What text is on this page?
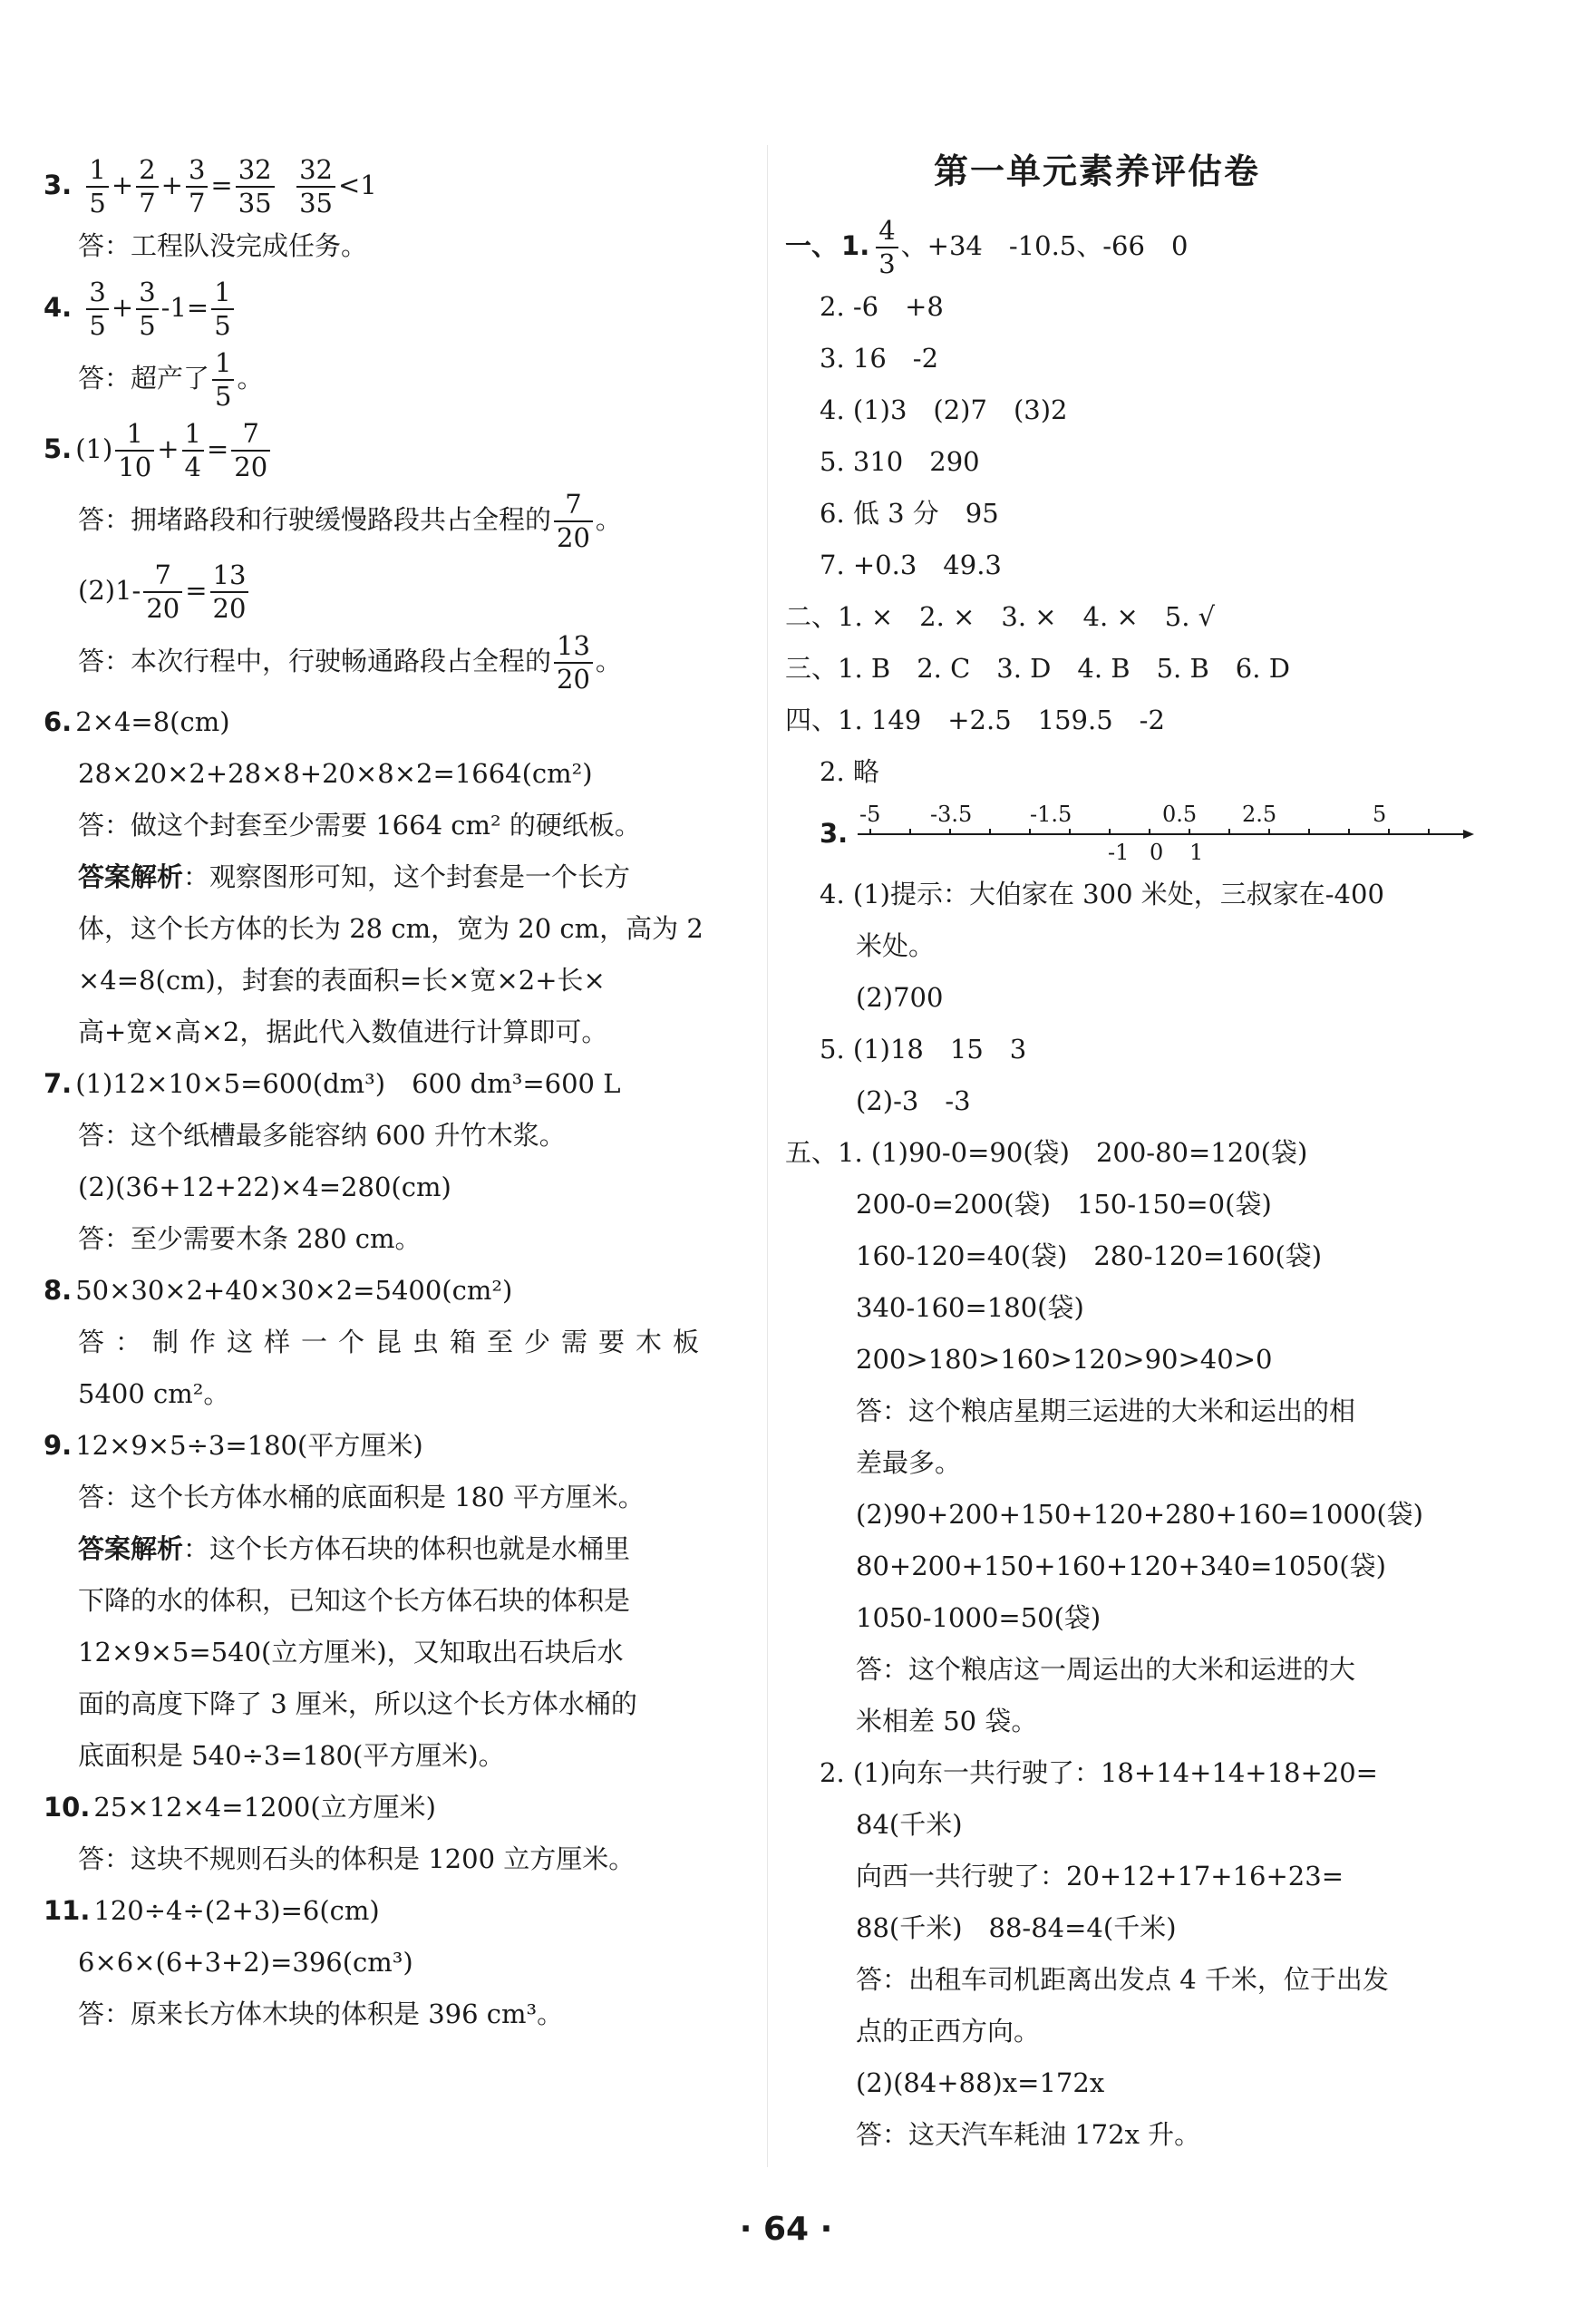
3. $\frac{1}{5} + \frac{2}{7} + \frac{3}{7} = \frac{32}{35}$
$\frac{32}{35} <1$
答：工程队没完成任务。
4. $\frac{3}{5} + \frac{3}{5} -1= \frac{1}{5}$
答：超产了 $\frac{1}{5}$ 。
5. $(1) \frac{1}{10} + \frac{1}{4} = \frac{7}{20}$
答：拥堵路段和行驶缓慢路段共占全程的 $\frac{7}{20}$ 。
$(2)1- \frac{7}{20} = \frac{13}{20}$
答：本次行程中，行驶畅通路段占全程的 $\frac{13}{20}$ 。
6. 2×4=8(cm)
28×20×2+28×8+20×8×2=1664(cm²)
答：做这个封套至少需要 1664 cm² 的硬纸板。
答案解析：观察图形可知，这个封套是一个长方
体，这个长方体的长为 28 cm，宽为 20 cm，高为 2
×4=8(cm)，封套的表面积=长×宽×2+长×
高+宽×高×2，据此代入数值进行计算即可。
7. (1)12×10×5=600(dm³)　600 dm³=600 L
答：这个纸槽最多能容纳 600 升竹木浆。
(2)(36+12+22)×4=280(cm)
答：至少需要木条 280 cm。
8. 50×30×2+40×30×2=5400(cm²)
答：制作这样一个昆虫箱至少需要木板
5400 cm²。
9. 12×9×5÷3=180(平方厘米)
答：这个长方体水桶的底面积是 180 平方厘米。
答案解析：这个长方体石块的体积也就是水桶里
下降的水的体积，已知这个长方体石块的体积是
12×9×5=540(立方厘米)，又知取出石块后水
面的高度下降了 3 厘米，所以这个长方体水桶的
底面积是 540÷3=180(平方厘米)。
10. 25×12×4=1200(立方厘米)
答：这块不规则石头的体积是 1200 立方厘米。
11. 120÷4÷(2+3)=6(cm)
6×6×(6+3+2)=396(cm³)
答：原来长方体木块的体积是 396 cm³。
第一单元素养评估卷
一、 1. $\frac{4}{3}$ 、+34　-10.5、-66　0
2. -6　+8
3. 16　-2
4. (1)3　(2)7　(3)2
5. 310　290
6. 低 3 分　95
7. +0.3　49.3
二、1. ×　2. ×　3. ×　4. ×　5. √
三、1. B　2. C　3. D　4. B　5. B　6. D
四、1. 149　+2.5　159.5　-2
2. 略
3.
-5 -3.5	-1.5	0.5 2.5	5
-1 0 1
4. (1)提示：大伯家在 300 米处，三叔家在-400
米处。
(2)700
5. (1)18　15　3
(2)-3　-3
五、1. (1)90-0=90(袋)　200-80=120(袋)
200-0=200(袋)　150-150=0(袋)
160-120=40(袋)　280-120=160(袋)
340-160=180(袋)
200>180>160>120>90>40>0
答：这个粮店星期三运进的大米和运出的相
差最多。
(2)90+200+150+120+280+160=1000(袋)
80+200+150+160+120+340=1050(袋)
1050-1000=50(袋)
答：这个粮店这一周运出的大米和运进的大
米相差 50 袋。
2. (1)向东一共行驶了：18+14+14+18+20=
84(千米)
向西一共行驶了：20+12+17+16+23=
88(千米)　88-84=4(千米)
答：出租车司机距离出发点 4 千米，位于出发
点的正西方向。
(2)(84+88)x=172x
答：这天汽车耗油 172x 升。
· 64 ·
